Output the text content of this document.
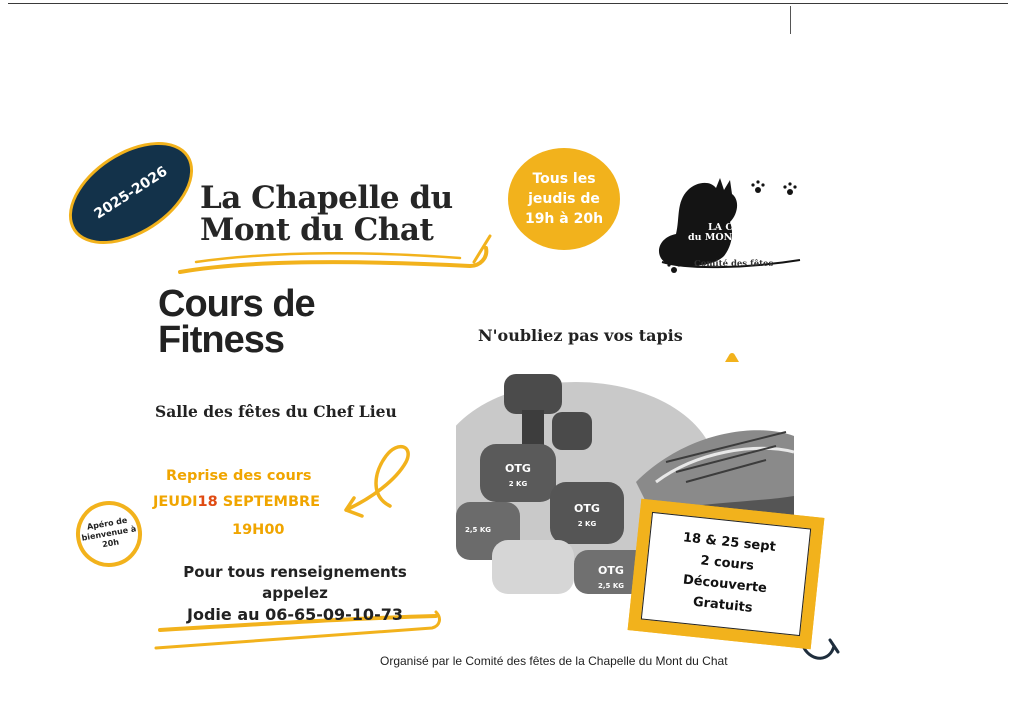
2025-2026 La Chapelle du
Mont du Chat
Cours de
Fitness
Salle des fêtes du Chef Lieu
Reprise des cours
JEUDI18 SEPTEMBRE
19H00
Apéro de bienvenue à 20h
Pour tous renseignements
appelez
Jodie au 06-65-09-10-73
Tous les
jeudis de
19h à 20h
LA CHAPELLE
du MONT DU CHAT
Comité des fêtes
N'oubliez pas vos tapis
OTG
2 KG
OTG
2 KG
2,5 KG
OTG
2,5 KG
18 & 25 sept
2 cours
Découverte
Gratuits
Organisé par le Comité des fêtes de la Chapelle du Mont du Chat
